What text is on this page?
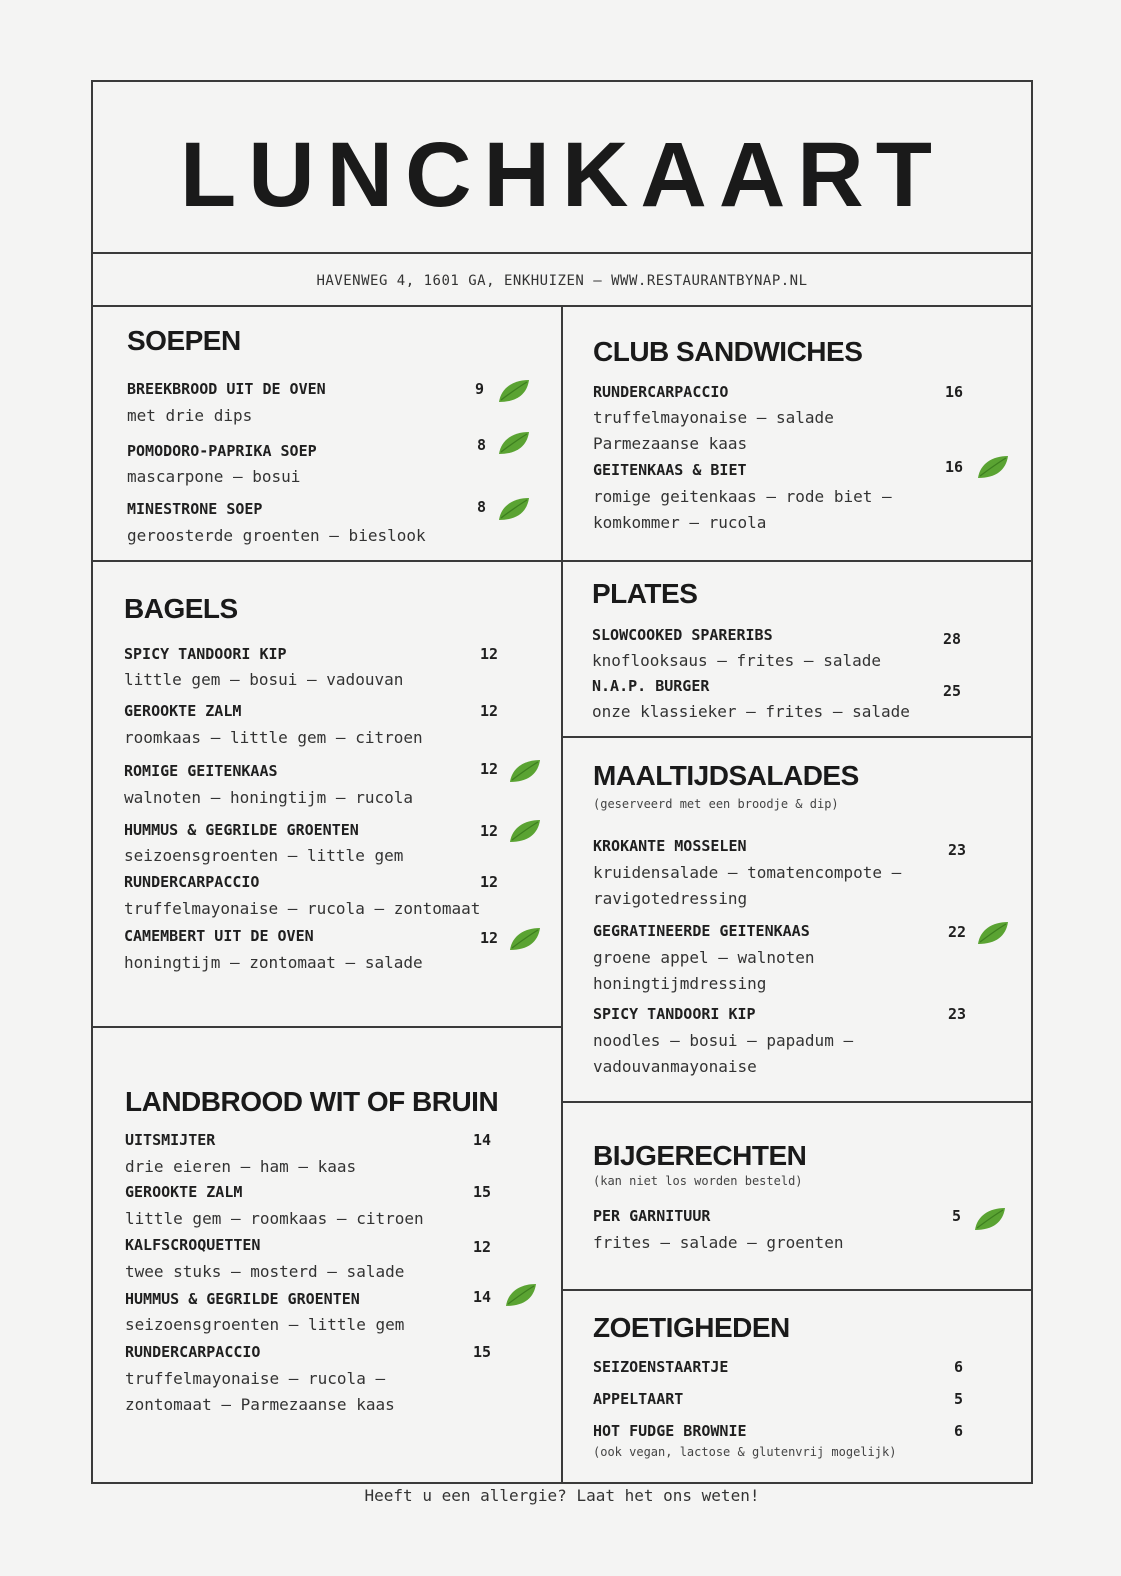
LUNCHKAART
HAVENWEG 4, 1601 GA, ENKHUIZEN – WWW.RESTAURANTBYNAP.NL
SOEPEN
BREEKBROOD UIT DE OVEN	9
met drie dips
POMODORO-PAPRIKA SOEP	8
mascarpone – bosui
MINESTRONE SOEP	8
geroosterde groenten – bieslook
CLUB SANDWICHES
RUNDERCARPACCIO	16
truffelmayonaise – salade
Parmezaanse kaas
GEITENKAAS & BIET	16
romige geitenkaas – rode biet –
komkommer – rucola
BAGELS
SPICY TANDOORI KIP	12
little gem – bosui – vadouvan
GEROOKTE ZALM	12
roomkaas – little gem – citroen
ROMIGE GEITENKAAS	12
walnoten – honingtijm – rucola
HUMMUS & GEGRILDE GROENTEN	12
seizoensgroenten – little gem
RUNDERCARPACCIO	12
truffelmayonaise – rucola – zontomaat
CAMEMBERT UIT DE OVEN	12
honingtijm – zontomaat – salade
PLATES
SLOWCOOKED SPARERIBS	28
knoflooksaus – frites – salade
N.A.P. BURGER	25
onze klassieker – frites – salade
MAALTIJDSALADES
(geserveerd met een broodje & dip)
KROKANTE MOSSELEN	23
kruidensalade – tomatencompote –
ravigotedressing
GEGRATINEERDE GEITENKAAS	22
groene appel – walnoten
honingtijmdressing
SPICY TANDOORI KIP	23
noodles – bosui – papadum –
vadouvanmayonaise
LANDBROOD WIT OF BRUIN
UITSMIJTER	14
drie eieren – ham – kaas
GEROOKTE ZALM	15
little gem – roomkaas – citroen
KALFSCROQUETTEN	12
twee stuks – mosterd – salade
HUMMUS & GEGRILDE GROENTEN	14
seizoensgroenten – little gem
RUNDERCARPACCIO	15
truffelmayonaise – rucola –
zontomaat – Parmezaanse kaas
BIJGERECHTEN
(kan niet los worden besteld)
PER GARNITUUR	5
frites – salade – groenten
ZOETIGHEDEN
SEIZOENSTAARTJE	6
APPELTAART	5
HOT FUDGE BROWNIE	6
(ook vegan, lactose & glutenvrij mogelijk)
Heeft u een allergie? Laat het ons weten!
